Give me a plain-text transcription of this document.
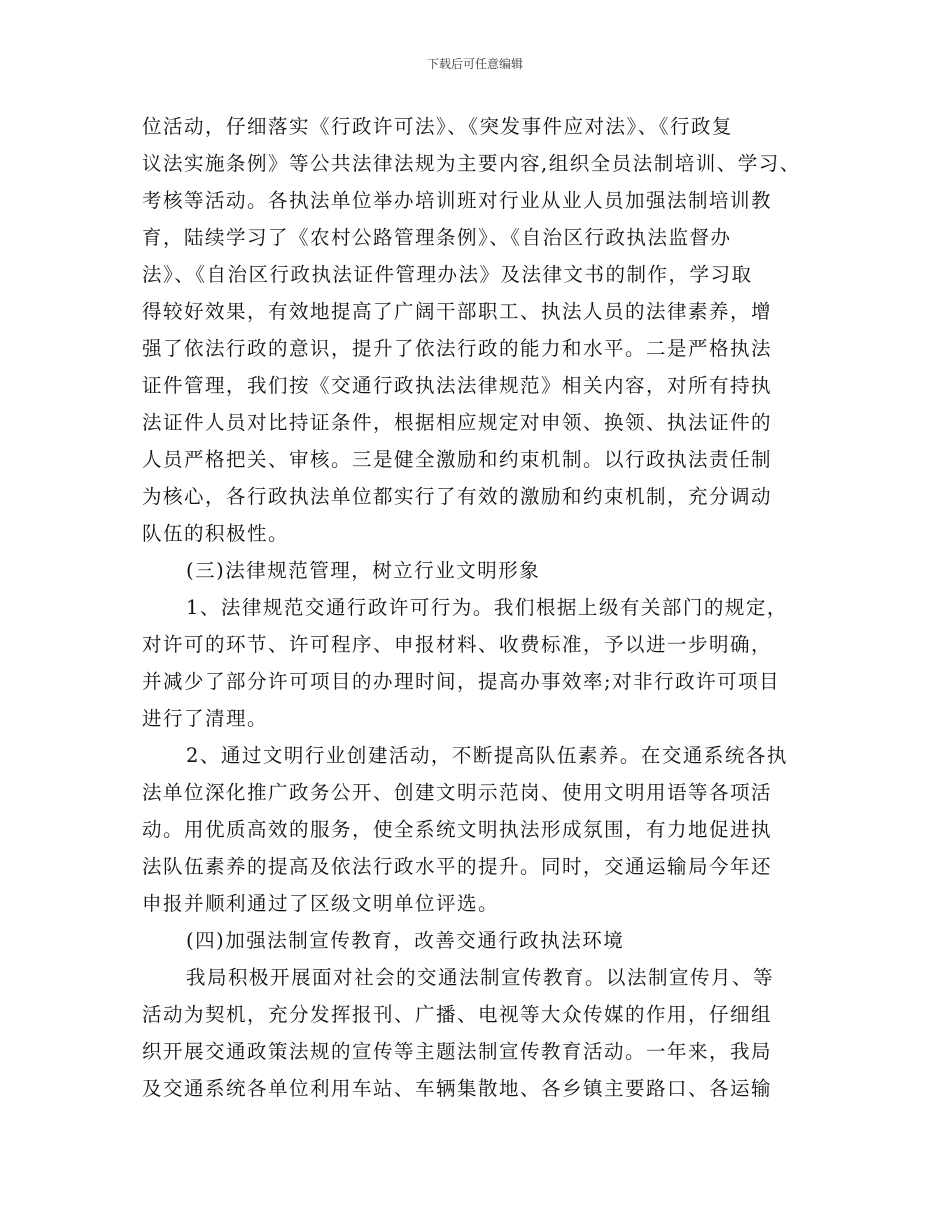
下载后可任意编辑
位活动，仔细落实《行政许可法》、《突发事件应对法》、《行政复
议法实施条例》等公共法律法规为主要内容,组织全员法制培训、学习、
考核等活动。各执法单位举办培训班对行业从业人员加强法制培训教
育，陆续学习了《农村公路管理条例》、《自治区行政执法监督办
法》、《自治区行政执法证件管理办法》及法律文书的制作，学习取
得较好效果，有效地提高了广阔干部职工、执法人员的法律素养，增
强了依法行政的意识，提升了依法行政的能力和水平。二是严格执法
证件管理，我们按《交通行政执法法律规范》相关内容，对所有持执
法证件人员对比持证条件，根据相应规定对申领、换领、执法证件的
人员严格把关、审核。三是健全激励和约束机制。以行政执法责任制
为核心，各行政执法单位都实行了有效的激励和约束机制，充分调动
队伍的积极性。
(三)法律规范管理，树立行业文明形象
1、法律规范交通行政许可行为。我们根据上级有关部门的规定，
对许可的环节、许可程序、申报材料、收费标准，予以进一步明确，
并减少了部分许可项目的办理时间，提高办事效率;对非行政许可项目
进行了清理。
2、通过文明行业创建活动，不断提高队伍素养。在交通系统各执
法单位深化推广政务公开、创建文明示范岗、使用文明用语等各项活
动。用优质高效的服务，使全系统文明执法形成氛围，有力地促进执
法队伍素养的提高及依法行政水平的提升。同时，交通运输局今年还
申报并顺利通过了区级文明单位评选。
(四)加强法制宣传教育，改善交通行政执法环境
我局积极开展面对社会的交通法制宣传教育。以法制宣传月、等
活动为契机，充分发挥报刊、广播、电视等大众传媒的作用，仔细组
织开展交通政策法规的宣传等主题法制宣传教育活动。一年来，我局
及交通系统各单位利用车站、车辆集散地、各乡镇主要路口、各运输
